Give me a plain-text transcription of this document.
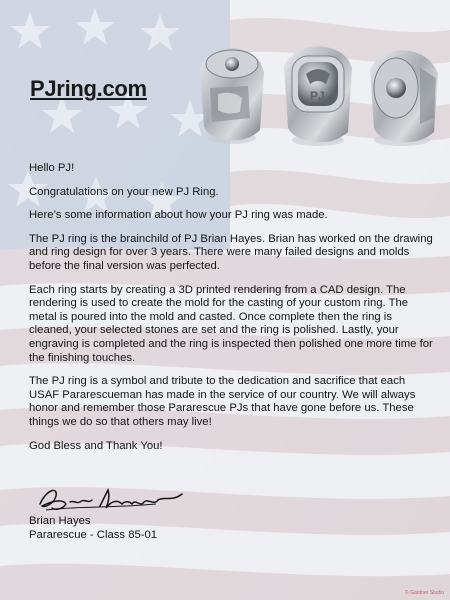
PJring.com	PJ

Hello PJ!

Congratulations on your new PJ Ring.

Here’s some information about how your PJ ring was made.

The PJ ring is the brainchild of PJ Brian Hayes. Brian has worked on the drawing and ring design for over 3 years. There were many failed designs and molds before the final version was perfected.

Each ring starts by creating a 3D printed rendering from a CAD design. The rendering is used to create the mold for the casting of your custom ring. The metal is poured into the mold and casted. Once complete then the ring is cleaned, your selected stones are set and the ring is polished. Lastly, your engraving is completed and the ring is inspected then polished one more time for the finishing touches.

The PJ ring is a symbol and tribute to the dedication and sacrifice that each USAF Pararescueman has made in the service of our country. We will always honor and remember those Pararescue PJs that have gone before us. These things we do so that others may live!

God Bless and Thank You!

Brian Hayes
Pararescue - Class 85-01
© Gardner Studio
